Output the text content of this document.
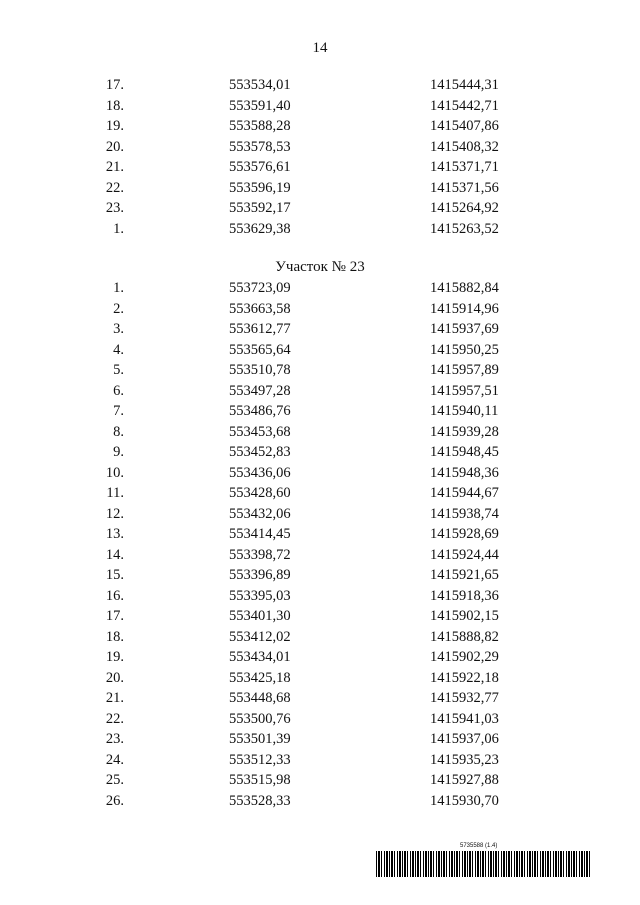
14
17.	553534,01	1415444,31
18.	553591,40	1415442,71
19.	553588,28	1415407,86
20.	553578,53	1415408,32
21.	553576,61	1415371,71
22.	553596,19	1415371,56
23.	553592,17	1415264,92
1.	553629,38	1415263,52
Участок № 23
1.	553723,09	1415882,84
2.	553663,58	1415914,96
3.	553612,77	1415937,69
4.	553565,64	1415950,25
5.	553510,78	1415957,89
6.	553497,28	1415957,51
7.	553486,76	1415940,11
8.	553453,68	1415939,28
9.	553452,83	1415948,45
10.	553436,06	1415948,36
11.	553428,60	1415944,67
12.	553432,06	1415938,74
13.	553414,45	1415928,69
14.	553398,72	1415924,44
15.	553396,89	1415921,65
16.	553395,03	1415918,36
17.	553401,30	1415902,15
18.	553412,02	1415888,82
19.	553434,01	1415902,29
20.	553425,18	1415922,18
21.	553448,68	1415932,77
22.	553500,76	1415941,03
23.	553501,39	1415937,06
24.	553512,33	1415935,23
25.	553515,98	1415927,88
26.	553528,33	1415930,70
5735588 (1.4)
